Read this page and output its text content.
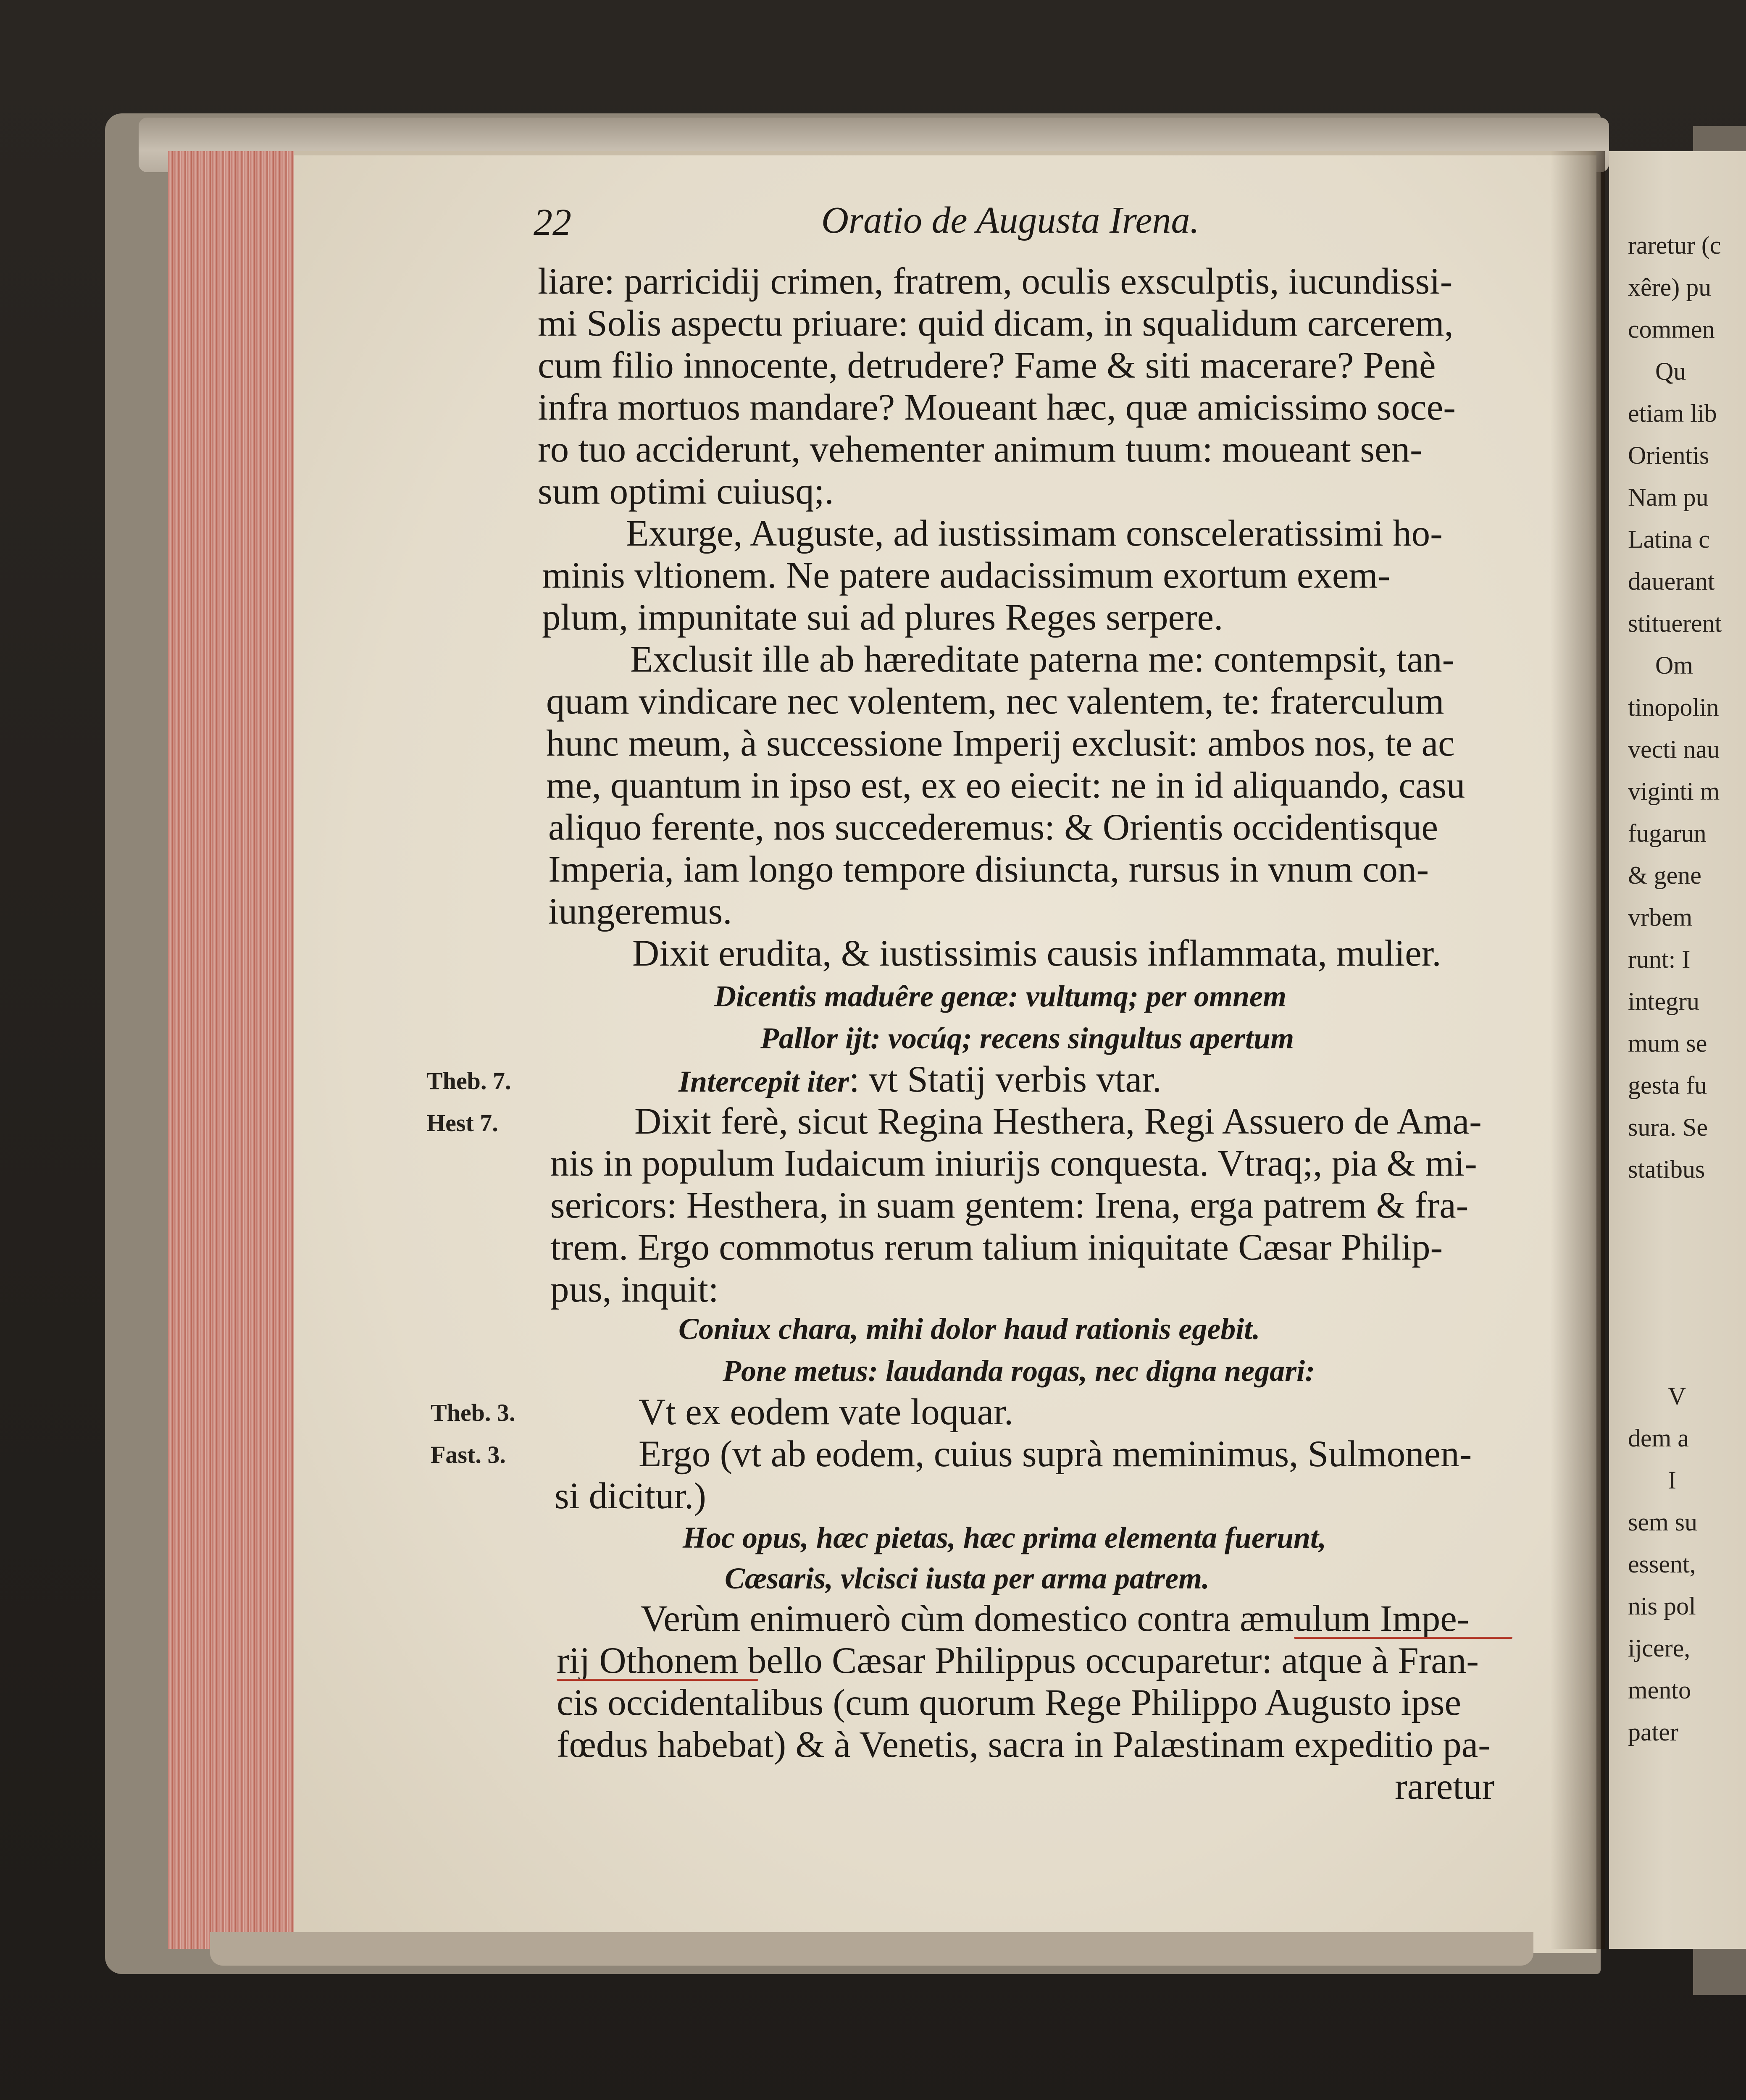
raretur (c
xêre) pu
commen
Qu
etiam lib
Orientis
Nam pu
Latina c
dauerant
stituerent
Om
tinopolin
vecti nau
viginti m
fugarun
& gene
vrbem
runt: I
integru
mum se
gesta fu
sura. Se
statibus
V
dem a
I
sem su
essent,
nis pol
ijcere,
mento
pater
22	Oratio de Augusta Irena.
liare: parricidij crimen, fratrem, oculis exsculptis, iucundissi-
mi Solis aspectu priuare: quid dicam, in squalidum carcerem,
cum filio innocente, detrudere? Fame & siti macerare? Penè
infra mortuos mandare? Moueant hæc, quæ amicissimo soce-
ro tuo acciderunt, vehementer animum tuum: moueant sen-
sum optimi cuiusq;.
Exurge, Auguste, ad iustissimam consceleratissimi ho-
minis vltionem. Ne patere audacissimum exortum exem-
plum, impunitate sui ad plures Reges serpere.
Exclusit ille ab hæreditate paterna me: contempsit, tan-
quam vindicare nec volentem, nec valentem, te: fraterculum
hunc meum, à successione Imperij exclusit: ambos nos, te ac
me, quantum in ipso est, ex eo eiecit: ne in id aliquando, casu
aliquo ferente, nos succederemus: & Orientis occidentisque
Imperia, iam longo tempore disiuncta, rursus in vnum con-
iungeremus.
Dixit erudita, & iustissimis causis inflammata, mulier.
Dicentis maduêre genæ: vultumq; per omnem
Pallor ijt: vocúq; recens singultus apertum
Intercepit iter: vt Statij verbis vtar.
Dixit ferè, sicut Regina Hesthera, Regi Assuero de Ama-
nis in populum Iudaicum iniurijs conquesta. Vtraq;, pia & mi-
sericors: Hesthera, in suam gentem: Irena, erga patrem & fra-
trem. Ergo commotus rerum talium iniquitate Cæsar Philip-
pus, inquit:
Coniux chara, mihi dolor haud rationis egebit.
Pone metus: laudanda rogas, nec digna negari:
Vt ex eodem vate loquar.
Ergo (vt ab eodem, cuius suprà meminimus, Sulmonen-
si dicitur.)
Hoc opus, hæc pietas, hæc prima elementa fuerunt,
Cæsaris, vlcisci iusta per arma patrem.
Verùm enimuerò cùm domestico contra æmulum Impe-
rij Othonem bello Cæsar Philippus occuparetur: atque à Fran-
cis occidentalibus (cum quorum Rege Philippo Augusto ipse
fœdus habebat) & à Venetis, sacra in Palæstinam expeditio pa-
raretur
Theb. 7.
Hest 7.
Theb. 3.
Fast. 3.
